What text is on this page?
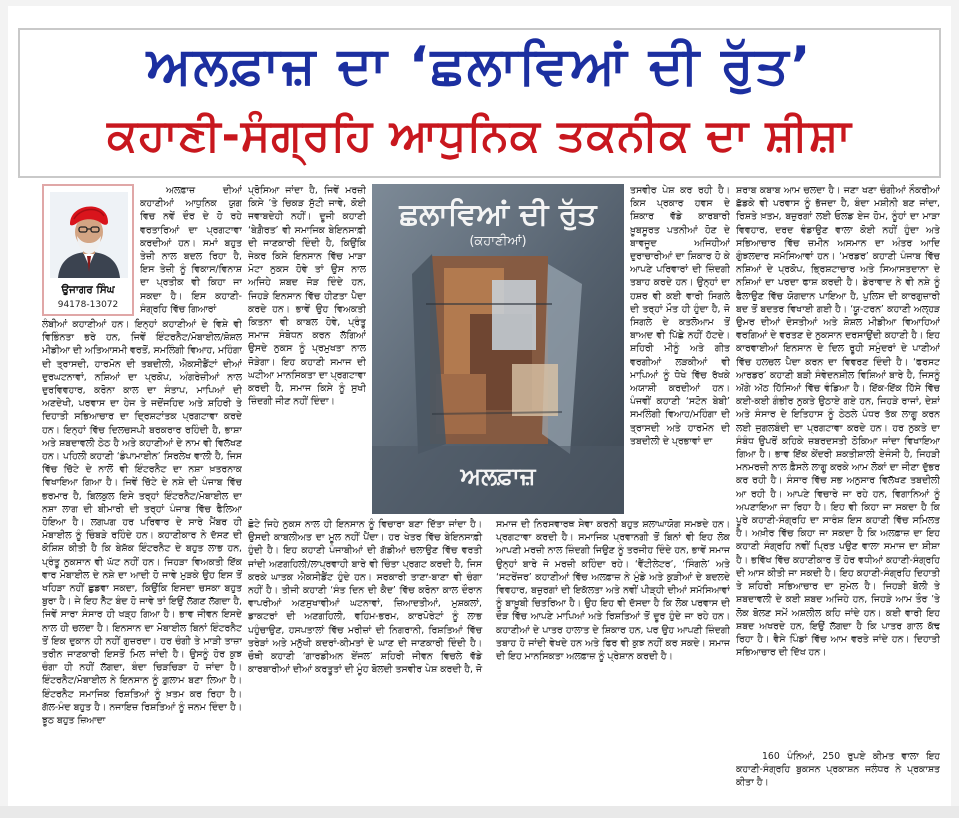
ਅਲਫ਼ਾਜ਼ ਦਾ ‘ਛਲਾਵਿਆਂ ਦੀ ਰੁੱਤ’
ਕਹਾਣੀ-ਸੰਗ੍ਰਹਿ ਆਧੁਨਿਕ ਤਕਨੀਕ ਦਾ ਸ਼ੀਸ਼ਾ
ਉਜਾਗਰ ਸਿੰਘ
94178-13072

ਅਲਫ਼ਾਜ਼ ਦੀਆਂ ਕਹਾਣੀਆਂ ਆਧੁਨਿਕ ਯੁਗ ਵਿਚ ਨਵੇਂ ਦੌਰ ਦੇ ਹੋ ਰਹੇ ਵਰਤਾਰਿਆਂ ਦਾ ਪ੍ਰਗਟਾਵਾ ਕਰਦੀਆਂ ਹਨ। ਸਮਾਂ ਬਹੁਤ ਤੇਜ਼ੀ ਨਾਲ ਬਦਲ ਰਿਹਾ ਹੈ, ਇਸ ਤੇਜ਼ੀ ਨੂੰ ਵਿਕਾਸ/ਵਿਨਾਸ਼ ਦਾ ਪ੍ਰਤੀਕ ਵੀ ਕਿਹਾ ਜਾ ਸਕਦਾ ਹੈ। ਇਸ ਕਹਾਣੀ-ਸੰਗ੍ਰਹਿ ਵਿੱਚ ਗਿਆਰਾਂ

ਲੰਬੀਆਂ ਕਹਾਣੀਆਂ ਹਨ। ਇਨ੍ਹਾਂ ਕਹਾਣੀਆਂ ਦੇ ਵਿਸ਼ੇ ਵੀ ਵਿਭਿੰਨਤਾ ਭਰੇ ਹਨ, ਜਿਵੇਂ ਇੰਟਰਨੈਟ/ਮੋਬਾਈਲ/ਸ਼ੋਸ਼ਲ ਮੀਡੀਆ ਦੀ ਅਤਿਆਸਮੀ ਵਰਤੋਂ, ਸਮਲਿੰਗੀ ਵਿਆਹ, ਮਹਿੰਗਾ ਦੀ ਤ੍ਰਾਸਦੀ, ਹਾਰਮੋਨ ਦੀ ਤਬਦੀਲੀ, ਐਕਸੀਡੈਂਟਾਂ ਦੀਆਂ ਦੁਰਘਟਨਾਵਾਂ, ਨਸ਼ਿਆਂ ਦਾ ਪ੍ਰਕੋਪ, ਅੰਗਰੇਜ਼ੀਆਂ ਨਾਲ ਦੁਰਵਿਵਹਾਰ, ਕਰੋਨਾ ਕਾਲ ਦਾ ਸੰਤਾਪ, ਮਾਪਿਆਂ ਦੀ ਅਣਦੇਖੀ, ਪਰਵਾਸ ਦਾ ਹੇਜ ਤੇ ਜਦੋਂਜਹਿਦ ਅਤੇ ਸ਼ਹਿਰੀ ਤੇ ਦਿਹਾਤੀ ਸਭਿਆਚਾਰ ਦਾ ਦ੍ਰਿਸ਼ਟਾਂਤਕ ਪ੍ਰਗਟਾਵਾ ਕਰਦੇ ਹਨ। ਇਨ੍ਹਾਂ ਵਿੱਚ ਦਿਲਚਸਪੀ ਬਰਕਰਾਰ ਰਹਿੰਦੀ ਹੈ, ਭਾਸ਼ਾ ਅਤੇ ਸ਼ਬਦਾਵਲੀ ਠੇਠ ਹੈ ਅਤੇ ਕਹਾਣੀਆਂ ਦੇ ਨਾਮ ਵੀ ਵਿਲੱਖਣ ਹਨ। ਪਹਿਲੀ ਕਹਾਣੀ ‘ਡੰਪਾਮਾਈਨ’ ਸਿਰਲੇਖ ਵਾਲੀ ਹੈ, ਜਿਸ ਵਿੱਚ ਚਿੱਟੇ ਦੇ ਨਾਲੋਂ ਵੀ ਇੰਟਰਨੈਟ ਦਾ ਨਸ਼ਾ ਖ਼ਤਰਨਾਕ ਵਿਖਾਇਆ ਗਿਆ ਹੈ। ਜਿਵੇਂ ਚਿੱਟੇ ਦੇ ਨਸ਼ੇ ਦੀ ਪੰਜਾਬ ਵਿੱਚ ਭਰਮਾਰ ਹੈ, ਬਿਲਕੁਲ ਇਸੇ ਤਰ੍ਹਾਂ ਇੰਟਰਨੈਟ/ਮੋਬਾਈਲ ਦਾ ਨਸ਼ਾ ਲਾਗ ਦੀ ਬੀਮਾਰੀ ਦੀ ਤਰ੍ਹਾਂ ਪੰਜਾਬ ਵਿੱਚ ਫੈਲਿਆ ਹੋਇਆ ਹੈ। ਲਗਪਗ ਹਰ ਪਰਿਵਾਰ ਦੇ ਸਾਰੇ ਮੈਂਬਰ ਹੀ ਮੋਬਾਈਲ ਨੂੰ ਚਿੰਬੜੇ ਰਹਿੰਦੇ ਹਨ। ਕਹਾਣੀਕਾਰ ਨੇ ਦੱਸਣ ਦੀ ਕੋਸ਼ਿਸ਼ ਕੀਤੀ ਹੈ ਕਿ ਬੇਸ਼ੱਕ ਇੰਟਰਨੈਟ ਦੇ ਬਹੁਤ ਲਾਭ ਹਨ, ਪ੍ਰੰਤੂ ਨੁਕਸਾਨ ਵੀ ਘੱਟ ਨਹੀਂ ਹਨ। ਜਿਹੜਾ ਵਿਅਕਤੀ ਇੱਕ ਵਾਰ ਮੋਬਾਈਲ ਦੇ ਨਸ਼ੇ ਦਾ ਆਦੀ ਹੋ ਜਾਵੇ ਮੁੜਕੇ ਉਹ ਇਸ ਤੋਂ ਖਹਿੜਾ ਨਹੀਂ ਛੁਡਵਾ ਸਕਦਾ, ਕਿਉਂਕਿ ਇਸਦਾ ਚਸਕਾ ਬਹੁਤ ਬੁਰਾ ਹੈ। ਜੇ ਇਹ ਨੈੱਟ ਬੰਦ ਹੋ ਜਾਵੇ ਤਾਂ ਇਉਂ ਲੱਗਣ ਲੱਗਦਾ ਹੈ, ਜਿਵੇਂ ਸਾਰਾ ਸੰਸਾਰ ਹੀ ਖੜ੍ਹ ਗਿਆ ਹੈ। ਭਾਵ ਜੀਵਨ ਇਸਦੇ ਨਾਲ ਹੀ ਚਲਦਾ ਹੈ। ਇਨਸਾਨ ਦਾ ਮੋਬਾਈਲ ਬਿਨਾਂ ਇੰਟਰਨੈਟ ਤੋਂ ਇਕ ਦੁਕਾਨ ਹੀ ਨਹੀਂ ਗੁਜ਼ਰਦਾ। ਹਰ ਚੰਗੀ ਤੇ ਮਾੜੀ ਤਾਜ਼ਾ ਤਰੀਨ ਜਾਣਕਾਰੀ ਇਸਤੋਂ ਮਿਲ ਜਾਂਦੀ ਹੈ। ਉਸਨੂੰ ਹੋਰ ਕੁਝ ਚੰਗਾ ਹੀ ਨਹੀਂ ਲੱਗਦਾ, ਬੰਦਾ ਚਿੜਚਿੜਾ ਹੋ ਜਾਂਦਾ ਹੈ। ਇੰਟਰਨੈਟ/ਮੋਬਾਈਲ ਨੇ ਇਨਸਾਨ ਨੂੰ ਗ਼ੁਲਾਮ ਬਣਾ ਲਿਆ ਹੈ। ਇੰਟਰਨੈਟ ਸਮਾਜਿਕ ਰਿਸ਼ਤਿਆਂ ਨੂੰ ਖ਼ਤਮ ਕਰ ਰਿਹਾ ਹੈ। ਗੱਲ-ਮੰਦ ਬਹੁਤ ਹੈ। ਨਜਾਇਜ਼ ਰਿਸ਼ਤਿਆਂ ਨੂੰ ਜਨਮ ਦਿੰਦਾ ਹੈ। ਝੂਠ ਬਹੁਤ ਜ਼ਿਆਦਾ

ਪ੍ਰੋਸਿਆ ਜਾਂਦਾ ਹੈ, ਜਿਵੇਂ ਮਰਜ਼ੀ ਕਿਸੇ ’ਤੇ ਚਿਕੜ ਸੁੱਟੀ ਜਾਵੇ, ਕੋਈ ਜਵਾਬਦੇਹੀ ਨਹੀਂ। ਦੂਜੀ ਕਹਾਣੀ ‘ਬੇਗ਼ੈਰਤ’ ਵੀ ਸਮਾਜਿਕ ਬੇਇਨਸਾਫ਼ੀ ਦੀ ਜਾਣਕਾਰੀ ਦਿੰਦੀ ਹੈ, ਕਿਉਂਕਿ ਜੇਕਰ ਕਿਸੇ ਇਨਸਾਨ ਵਿੱਚ ਮਾੜਾ ਮੋਟਾ ਨੁਕਸ ਹੋਵੇ ਤਾਂ ਉਸ ਨਾਲ ਅਜਿਹੇ ਸ਼ਬਦ ਜੋੜ ਦਿੰਦੇ ਹਨ, ਜਿਹੜੇ ਇਨਸਾਨ ਵਿੱਚ ਹੀਣਤਾ ਪੈਦਾ ਕਰਦੇ ਹਨ। ਭਾਵੇਂ ਉਹ ਵਿਅਕਤੀ ਕਿਤਨਾ ਵੀ ਕਾਬਲ ਹੋਵੇ, ਪ੍ਰੰਤੂ ਸਮਾਜ ਸੰਬੋਧਨ ਕਰਨ ਲੱਗਿਆਂ ਉਸਦੇ ਨੁਕਸ ਨੂੰ ਪ੍ਰਮੁਖਤਾ ਨਾਲ ਜੋੜੇਗਾ। ਇਹ ਕਹਾਣੀ ਸਮਾਜ ਦੀ ਘਟੀਆ ਮਾਨਸਿਕਤਾ ਦਾ ਪ੍ਰਗਟਾਵਾ ਕਰਦੀ ਹੈ, ਸਮਾਜ ਕਿਸੇ ਨੂੰ ਸੁਖੀ ਜ਼ਿੰਦਗੀ ਜੀਣ ਨਹੀਂ ਦਿੰਦਾ।

ਛਲਾਵਿਆਂ ਦੀ ਰੁੱਤ
(ਕਹਾਣੀਆਂ)
ਅਲਫ਼ਾਜ਼

ਤਸਵੀਰ ਪੇਸ਼ ਕਰ ਰਹੀ ਹੈ। ਕਿਸ ਪ੍ਰਕਾਰ ਹਵਸ ਦੇ ਸ਼ਿਕਾਰ ਵੱਡੇ ਕਾਰਬਾਰੀ ਖ਼ੂਬਸੂਰਤ ਪਤਨੀਆਂ ਹੋਣ ਦੇ ਬਾਵਜੂਦ ਅਜਿਹੀਆਂ ਦੁਰਾਚਾਰੀਆਂ ਦਾ ਸ਼ਿਕਾਰ ਹੋ ਕੇ ਆਪਣੇ ਪਰਿਵਾਰਾਂ ਦੀ ਜ਼ਿੰਦਗੀ ਤਬਾਹ ਕਰਦੇ ਹਨ। ਉਨ੍ਹਾਂ ਦਾ ਹਸ਼ਰ ਵੀ ਕਈ ਵਾਰੀ ਸਿਗਲੇ ਦੀ ਤਰ੍ਹਾਂ ਮੌਤ ਹੀ ਹੁੰਦਾ ਹੈ, ਜੋ ਸਿਗਲੇ ਦੇ ਕਤਲੋਆਮ ਤੋਂ ਬਾਅਦ ਵੀ ਪਿੱਛੇ ਨਹੀਂ ਹੱਟਦੇ। ਸ਼ਹਿਰੀ ਮੀਨੂੰ ਅਤੇ ਗੀਤ ਵਰਗੀਆਂ ਲੜਕੀਆਂ ਵੀ ਮਾਪਿਆਂ ਨੂੰ ਧੋਖੇ ਵਿੱਚ ਰੱਖਕੇ ਅਯਾਸ਼ੀ ਕਰਦੀਆਂ ਹਨ। ਪੰਜਵੀਂ ਕਹਾਣੀ ‘ਸਟੋਨ ਬੇਬੀ’ ਸਮਲਿੰਗੀ ਵਿਆਹ/ਮਹਿੰਗਾ ਦੀ ਤ੍ਰਾਸਦੀ ਅਤੇ ਹਾਰਮੋਨ ਦੀ ਤਬਦੀਲੀ ਦੇ ਪ੍ਰਭਾਵਾਂ ਦਾ

ਛੋਟੇ ਜਿਹੇ ਨੁਕਸ ਨਾਲ ਹੀ ਇਨਸਾਨ ਨੂੰ ਵਿਚਾਰਾ ਬਣਾ ਦਿੱਤਾ ਜਾਂਦਾ ਹੈ। ਉਸਦੀ ਕਾਬਲੀਅਤ ਦਾ ਮੂਲ ਨਹੀਂ ਪੈਂਦਾ। ਹਰ ਖੇਤਰ ਵਿੱਚ ਬੇਇਨਸਾਫ਼ੀ ਹੁੰਦੀ ਹੈ। ਇਹ ਕਹਾਣੀ ਪੰਜਾਬੀਆਂ ਦੀ ਗੱਡੀਆਂ ਚਲਾਉਣ ਵਿੱਚ ਵਰਤੀ ਜਾਂਦੀ ਅਣਗਹਿਲੀ/ਲਾਪ੍ਰਵਾਹੀ ਬਾਰੇ ਵੀ ਚਿੰਤਾ ਪ੍ਰਗਟ ਕਰਦੀ ਹੈ, ਜਿਸ ਕਰਕੇ ਘਾਤਕ ਐਕਸੀਡੈਂਟ ਹੁੰਦੇ ਹਨ। ਸਰਕਾਰੀ ਤਾਣਾ-ਬਾਣਾ ਵੀ ਚੰਗਾ ਨਹੀਂ ਹੈ। ਤੀਜੀ ਕਹਾਣੀ ‘ਸੰਤ ਦਿਨ ਦੀ ਕੈਦ’ ਵਿੱਚ ਕਰੋਨਾ ਕਾਲ ਦੌਰਾਨ ਵਾਪਰੀਆਂ ਅਣਸੁਖਾਵੀਆਂ ਘਟਨਾਵਾਂ, ਜ਼ਿਆਦਤੀਆਂ, ਮੁਸ਼ਕਲਾਂ, ਡਾਕਟਰਾਂ ਦੀ ਅਣਗਹਿਲੀ, ਵਹਿਮ-ਭਰਮ, ਕਾਰਪੋਰੇਟਾਂ ਨੂੰ ਲਾਭ ਪਹੁੰਚਾਉਣ, ਹਸਪਤਾਲਾਂ ਵਿੱਚ ਮਰੀਜ਼ਾਂ ਦੀ ਨਿਗਰਾਨੀ, ਰਿਸ਼ਤਿਆਂ ਵਿੱਚ ਤਰੇੜਾਂ ਅਤੇ ਮਨੁੱਖੀ ਕਦਰਾਂ-ਕੀਮਤਾਂ ਦੇ ਘਾਣ ਦੀ ਜਾਣਕਾਰੀ ਦਿੰਦੀ ਹੈ। ਚੌਥੀ ਕਹਾਣੀ ‘ਗਾਰਡੀਅਨ ਏਂਜਲ’ ਸ਼ਹਿਰੀ ਜੀਵਨ ਵਿਚਲੇ ਵੱਡੇ ਕਾਰਬਾਰੀਆਂ ਦੀਆਂ ਕਰਤੂਤਾਂ ਦੀ ਮੂੰਹ ਬੋਲਦੀ ਤਸਵੀਰ ਪੇਸ਼ ਕਰਦੀ ਹੈ, ਜੋ ਸਮਾਜ ਦੀ ਨਿਰਸਵਾਰਥ ਸੇਵਾ ਕਰਨੀ ਬਹੁਤ ਸ਼ਲਾਘਾਯੋਗ ਸਮਝਦੇ ਹਨ। ਪ੍ਰਗਟਾਵਾ ਕਰਦੀ ਹੈ। ਸਮਾਜਿਕ ਪ੍ਰਵਾਨਗੀ ਤੋਂ ਬਿਨਾਂ ਵੀ ਇਹ ਲੋਕ ਆਪਣੀ ਮਰਜ਼ੀ ਨਾਲ ਜ਼ਿੰਦਗੀ ਜਿਉਣ ਨੂੰ ਤਰਜੀਹ ਦਿੰਦੇ ਹਨ, ਭਾਵੇਂ ਸਮਾਜ ਉਨ੍ਹਾਂ ਬਾਰੇ ਜੋ ਮਰਜ਼ੀ ਕਹਿੰਦਾ ਰਹੇ। ‘ਵੈਂਟੀਲੇਟਰ’, ‘ਸਿੰਗਲੇ’ ਅਤੇ ‘ਸਟਰੇਂਜਰ’ ਕਹਾਣੀਆਂ ਵਿੱਚ ਅਲਫ਼ਾਜ਼ ਨੇ ਮੁੰਡੇ ਅਤੇ ਕੁੜੀਆਂ ਦੇ ਬਦਲਦੇ ਵਿਵਹਾਰ, ਬਜ਼ੁਰਗਾਂ ਦੀ ਇਕੱਲਤਾ ਅਤੇ ਨਵੀਂ ਪੀੜ੍ਹੀ ਦੀਆਂ ਸਮੱਸਿਆਵਾਂ ਨੂੰ ਬਾਖ਼ੂਬੀ ਚਿਤਰਿਆ ਹੈ। ਉਹ ਇਹ ਵੀ ਦੱਸਦਾ ਹੈ ਕਿ ਲੋਕ ਪਰਵਾਸ ਦੀ ਦੌੜ ਵਿੱਚ ਆਪਣੇ ਮਾਪਿਆਂ ਅਤੇ ਰਿਸ਼ਤਿਆਂ ਤੋਂ ਦੂਰ ਹੁੰਦੇ ਜਾ ਰਹੇ ਹਨ। ਕਹਾਣੀਆਂ ਦੇ ਪਾਤਰ ਹਾਲਾਤ ਦੇ ਸ਼ਿਕਾਰ ਹਨ, ਪਰ ਉਹ ਆਪਣੀ ਜ਼ਿੰਦਗੀ ਤਬਾਹ ਹੋ ਜਾਂਦੀ ਵੇਖਦੇ ਹਨ ਅਤੇ ਫਿਰ ਵੀ ਕੁਝ ਨਹੀਂ ਕਰ ਸਕਦੇ। ਸਮਾਜ ਦੀ ਇਹ ਮਾਨਸਿਕਤਾ ਅਲਫ਼ਾਜ਼ ਨੂੰ ਪ੍ਰੇਸ਼ਾਨ ਕਰਦੀ ਹੈ।

ਸ਼ਰਾਬ ਕਬਾਬ ਆਮ ਚਲਦਾ ਹੈ। ਜਣਾ ਖਣਾ ਚੰਗੀਆਂ ਨੌਕਰੀਆਂ ਛੱਡਕੇ ਵੀ ਪਰਵਾਸ ਨੂੰ ਭੱਜਦਾ ਹੈ, ਬੰਦਾ ਮਸ਼ੀਨੀ ਬਣ ਜਾਂਦਾ, ਰਿਸ਼ਤੇ ਖ਼ਤਮ, ਬਜ਼ੁਰਗਾਂ ਲਈ ਓਲਡ ਏਜ ਹੋਮ, ਨੂੰਹਾਂ ਦਾ ਮਾੜਾ ਵਿਵਹਾਰ, ਦਰਦ ਵੰਡਾਉਣ ਵਾਲਾ ਕੋਈ ਨਹੀਂ ਹੁੰਦਾ ਅਤੇ ਸਭਿਆਚਾਰ ਵਿੱਚ ਜ਼ਮੀਨ ਅਸਮਾਨ ਦਾ ਅੰਤਰ ਆਦਿ ਗੁੰਝਲਦਾਰ ਸਮੱਸਿਆਵਾਂ ਹਨ। ‘ਮਰਡਰ’ ਕਹਾਣੀ ਪੰਜਾਬ ਵਿੱਚ ਨਸ਼ਿਆਂ ਦੇ ਪ੍ਰਕੋਪ, ਭ੍ਰਿਸ਼ਟਾਚਾਰ ਅਤੇ ਸਿਆਸਤਦਾਨਾ ਦੇ ਨਸ਼ਿਆਂ ਦਾ ਪਰਦਾ ਫਾਸ਼ ਕਰਦੀ ਹੈ। ਡੇਰਾਵਾਦ ਨੇ ਵੀ ਨਸ਼ੇ ਨੂੰ ਫੈਲਾਉਣ ਵਿੱਚ ਯੋਗਦਾਨ ਪਾਇਆ ਹੈ, ਪੁਲਿਸ ਦੀ ਕਾਰਗੁਜ਼ਾਰੀ ਬਦ ਤੋਂ ਬਦਤਰ ਵਿਖਾਈ ਗਈ ਹੈ। ‘ਯੂ-ਟਰਨ’ ਕਹਾਣੀ ਅਲ੍ਹੜ ਉਮਰ ਦੀਆਂ ਦੋਸਤੀਆਂ ਅਤੇ ਸ਼ੋਸ਼ਲ ਮੀਡੀਆ ਵਿਆਹਿਆਂ ਵਰਗਿਆਂ ਦੇ ਵਰਤਣ ਦੇ ਨੁਕਸਾਨ ਦਰਸਾਉਂਦੀ ਕਹਾਣੀ ਹੈ। ਇਹ ਕਾਰਵਾਈਆਂ ਇਨਸਾਨ ਦੇ ਦਿਲ ਰੂਹੀ ਸਮੁੰਦਰਾਂ ਦੇ ਪਾਣੀਆਂ ਵਿੱਚ ਹਲਚਲ ਪੈਦਾ ਕਰਨ ਦਾ ਵਿਵਰਣ ਦਿੰਦੀ ਹੈ। ‘ਫਰਸਟ ਆਰਡਰ’ ਕਹਾਣੀ ਬੜੀ ਸੰਵੇਦਨਸ਼ੀਲ ਵਿਸ਼ਿਆਂ ਬਾਰੇ ਹੈ, ਜਿਸਨੂੰ ਅੱਗੇ ਅੱਠ ਹਿੱਸਿਆਂ ਵਿੱਚ ਵੰਡਿਆ ਹੈ। ਇੱਕ-ਇੱਕ ਹਿੱਸੇ ਵਿੱਚ ਕਈ-ਕਈ ਗੰਭੀਰ ਨੁਕਤੇ ਉਠਾਏ ਗਏ ਹਨ, ਜਿਹੜੇ ਰਾਜਾਂ, ਦੇਸ਼ਾਂ ਅਤੇ ਸੰਸਾਰ ਦੇ ਇਤਿਹਾਸ ਨੂੰ ਠੇਠਲੇ ਪੰਧਰ ਤੱਕ ਲਾਗੂ ਕਰਨ ਲਈ ਜੁਗਲਬੰਦੀ ਦਾ ਪ੍ਰਗਟਾਵਾ ਕਰਦੇ ਹਨ। ਹਰ ਨੁਕਤੇ ਦਾ ਸੰਬੰਧ ਉਪਰੋਂ ਕਹਿਕੇ ਜ਼ਬਰਦਸਤੀ ਠੋਕਿਆ ਜਾਂਦਾ ਵਿਖਾਇਆ ਗਿਆ ਹੈ। ਭਾਵ ਇੱਕ ਕੇਂਦਰੀ ਸ਼ਕਤੀਸ਼ਾਲੀ ਏਜੰਸੀ ਹੈ, ਜਿਹੜੀ ਮਨਮਰਜ਼ੀ ਨਾਲ ਫ਼ੈਸਲੇ ਲਾਗੂ ਕਰਕੇ ਆਮ ਲੋਕਾਂ ਦਾ ਜੀਣਾ ਦੁੱਭਰ ਕਰ ਰਹੀ ਹੈ। ਸੰਸਾਰ ਵਿੱਚ ਸਭ ਅਨੁਸਾਰ ਵਿਲੱਖਣ ਤਬਦੀਲੀ ਆ ਰਹੀ ਹੈ। ਆਪਣੇ ਵਿਚਾਰੇ ਜਾ ਰਹੇ ਹਨ, ਵਿਗਾਨਿਆਂ ਨੂੰ ਅਪਣਾਇਆ ਜਾ ਰਿਹਾ ਹੈ। ਇਹ ਵੀ ਕਿਹਾ ਜਾ ਸਕਦਾ ਹੈ ਕਿ ਪੂਰੇ ਕਹਾਣੀ-ਸੰਗ੍ਰਹਿ ਦਾ ਸਾਰੰਸ਼ ਇਸ ਕਹਾਣੀ ਵਿੱਚ ਸਮਿਲਤ ਹੈ। ਅਖ਼ੀਰ ਵਿੱਚ ਕਿਹਾ ਜਾ ਸਕਦਾ ਹੈ ਕਿ ਅਲਫ਼ਾਜ਼ ਦਾ ਇਹ ਕਹਾਣੀ ਸੰਗ੍ਰਹਿ ਨਵੀਂ ਪ੍ਰਿਤ ਪਉਣ ਵਾਲਾ ਸਮਾਜ ਦਾ ਸ਼ੀਸ਼ਾ ਹੈ। ਭਵਿੱਖ ਵਿੱਚ ਕਹਾਣੀਕਾਰ ਤੋਂ ਹੋਰ ਵਧੀਆਂ ਕਹਾਣੀ-ਸੰਗ੍ਰਹਿ ਦੀ ਆਸ ਕੀਤੀ ਜਾ ਸਕਦੀ ਹੈ। ਇਹ ਕਹਾਣੀ-ਸੰਗ੍ਰਹਿ ਦਿਹਾਤੀ ਤੇ ਸ਼ਹਿਰੀ ਸਭਿਆਚਾਰ ਦਾ ਸੁਮੇਲ ਹੈ। ਜਿਹੜੀ ਬੋਲੀ ਤੇ ਸ਼ਬਦਾਵਲੀ ਦੇ ਕਈ ਸ਼ਬਦ ਅਜਿਹੇ ਹਨ, ਜਿਹੜੇ ਆਮ ਤੌਰ ’ਤੇ ਲੋਕ ਬੋਲਣ ਸਮੇਂ ਅਸ਼ਲੀਲ ਕਹਿ ਜਾਂਦੇ ਹਨ। ਕਈ ਵਾਰੀ ਇਹ ਸ਼ਬਦ ਅਖਰਦੇ ਹਨ, ਇਉਂ ਲੱਗਦਾ ਹੈ ਕਿ ਪਾਤਰ ਗਾਲ ਕੱਢ ਰਿਹਾ ਹੈ। ਵੈਸੇ ਪਿੰਡਾਂ ਵਿੱਚ ਆਮ ਵਰਤੇ ਜਾਂਦੇ ਹਨ। ਦਿਹਾਤੀ ਸਭਿਆਚਾਰ ਦੀ ਦਿੱਖ ਹਨ।

160 ਪੰਨਿਆਂ, 250 ਰੁਪਏ ਕੀਮਤ ਵਾਲਾ ਇਹ ਕਹਾਣੀ-ਸੰਗ੍ਰਹਿ ਬੁਕਸਨ ਪ੍ਰਕਾਸ਼ਨ ਜਲੰਧਰ ਨੇ ਪ੍ਰਕਾਸ਼ਤ ਕੀਤਾ ਹੈ।
